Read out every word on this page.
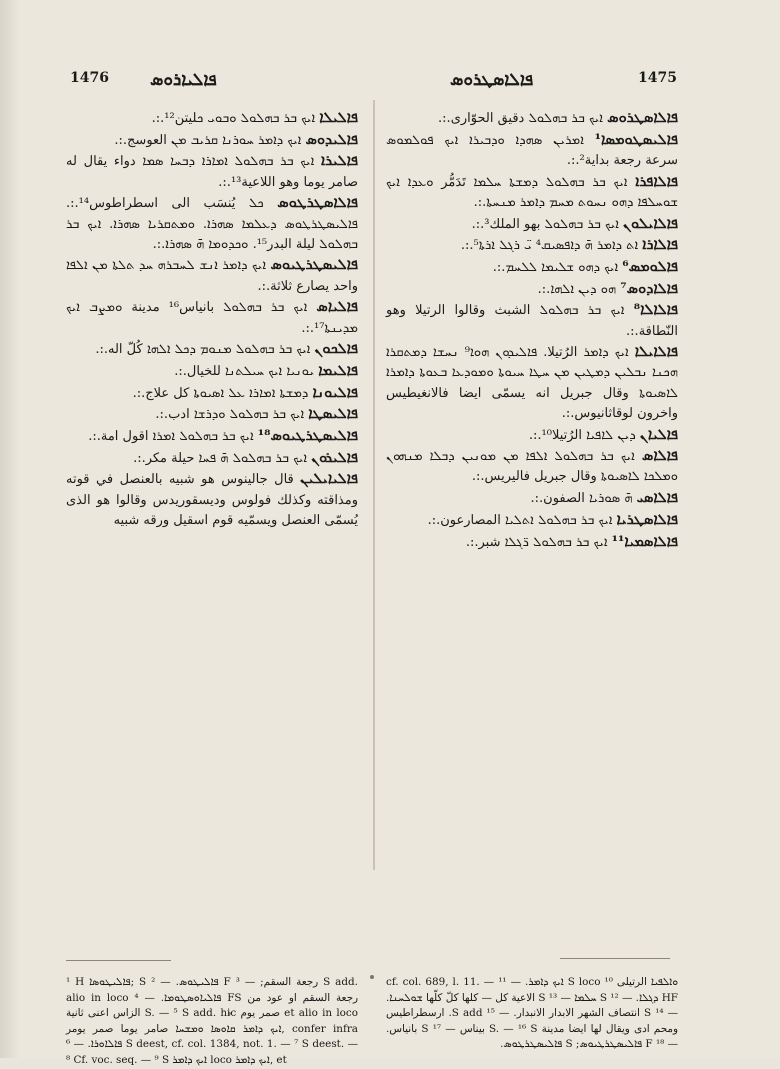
1476 ܦܐܠܝܐܪܘܣ	ܦܐܠܐܣܛܪܘܣ	1475

ܦܐܠܝܠܐ ܐܝܟ ܒܪ ܒܗܠܘܠ ܘܒܘܝ ܟليتن¹².:.

ܦܐܠܝܕܘܣ ܐܝܟ ܕܐܡܪ ܚܘܪܢܐ ܩܪܝܒ ܡܢ العوسج.:.

ܦܐܠܝܪܐ ܐܝܟ ܒܪ ܒܗܠܘܠ ܐܡܐܪܐ ܕܒܚܐ ܣܡܐ دواء يقال له صامر يوما وهو اللاعية¹³.:.

ܦܐܠܐܣܛܪܛܘܣ ܟܠ يُنسَب الى اسطراطوس¹⁴.:. ܦܐܠܝܣܛܪܛܘܣ ܕܥܠܡܐ ܣܗܪܐ. ܘܡܬܩܪܝܐ ܣܗܪܐ. ܐܝܟ ܒܪ ܒܗܠܘܠ ليلة البدر¹⁵. ܘܟܕܘܡܐ ܗ̄ ܣܗܪܐ.:.

ܦܐܠܝܣܛܪܛܝܘܣ ܐܝܟ ܕܐܡܪ ܐܢܫ ܠܚܒܪܗ ܚܕ ܬܠܬܐ ܡܢ ܐܠܦܐ واحد يصارع ثلاثة.:.

ܦܐܠܝܐܣ ܐܝܟ ܒܪ ܒܗܠܘܠ بانياس¹⁶ مدينة ܘܡܨܒ ܐܝܟ ܡܕܝܢܬܐ¹⁷.:.

ܦܐܠܟܘܢ ܐܝܟ ܒܪ ܒܗܠܘܠ ܡܢܘܡ ܕܟܠ ܐܠܗܐ كُلّ اله.:.

ܦܐܠܝܡܐ ܝܘܢܝܐ ܐܝܟ ܚܝܠܬܢܐ للخيال.:.

ܦܐܠܝܘܢܐ ܕܡܫܬܐ ܐܡܐܪܐ ܥܠ ܐܣܝܘܬܐ كل علاج.:.

ܦܐܠܝܣܛܐ ܐܝܟ ܒܪ ܒܗܠܘܠ ܘܕܪܫܐ ادب.:.

ܦܐܠܝܣܛܪܛܝܘܣ¹⁸ ܐܝܟ ܒܪ ܒܗܠܘܠ ܐܡܪܐ اقول امة.:.

ܦܐܠܝܪܘܢ ܐܝܟ ܒܪ ܒܗܠܘܠ ܗ̄ ܦܚܐ حيلة مكر.:.

ܦܐܠܝܐܝܠܝܢ قال جالينوس هو شبيه بالعنصل في قوته ومذاقته وكذلك فولوس وديسقوريدس وقالوا هو الذى يُسمّى العنصل ويسمّيه قوم اسقيل ورقه شبيه

ܦܐܠܐܣܛܪܘܣ ܐܝܟ ܒܪ ܒܗܠܘܠ دقيق الحوّارى.:.

ܦܐܠܝܣܛܘܡܣܐ¹ ܐܡܪܝܢ ܣܗܕܐ ܘܕܒܝܪܐ ܐܝܟ ܦܘܠܡܘܣ سرعة رجعة بداية².:.

ܦܐܠܐܦܪܐ ܐܝܟ ܒܪ ܒܗܠܘܠ ܕܡܫܬܐ ܚܠܡܐ تَدَمُّر ܘܥܕܐ ܐܝܟ ܫܘܚܠܦܐ ܕܗܘ ܢܚܘܬ ܡܚܡ ܕܐܡܪ ܡܢܚܬܐ.:.

ܦܐܠܐܝܠܘܢ ܐܝܟ ܒܪ ܒܗܠܘܠ بهو الملك³.:.

ܦܐܠܐܪܐ ܐܬ ܕܐܡܪ ܗ̄ ܕܐܦܣܝܩ⁴ ܝ̈ ܪܓܠ ܐܪܬܐ⁵.:.

ܦܐܠܘܡܣ⁶ ܐܝܟ ܕܗܘ ܫܠܝܡܐ ܠܠܚܡ.:.

ܦܐܠܐܕܘܣ⁷ ܗܘ ܕܝܢ ܐܠܗܐ.:.

ܦܐܠܐܠܐ⁸ ܐܝܟ ܒܪ ܒܗܠܘܠ الشبث وقالوا الرتيلا وهو النّطاقة.:.

ܦܐܠܐܝܠܐ ܐܝܟ ܕܐܡܪ الرُتيلا. ܦܐܠܝܕܘܢ ܗܘܐ⁹ ܢܚܫܐ ܕܡܬܩܪܐ ܗܟܢܐ ܢܒܠܝܢ ܕܡܛܝܢ ܡܢ ܚܛܐ ܚܝܘܬܐ ܘܡܘܕܥܐ ܒܥܘܬܐ ܕܐܡܪܐ ܠܐܣܝܘܬܐ وقال جبريل انه يسمّى ايضا فالانغيطيس واخرون لوقاثانيوس.:.

ܦܐܠܝܐܢ ܕܝܢ ܠܐܦܝܐ الرُتيلا¹⁰.:.

ܦܐܠܐܣ ܐܝܟ ܒܪ ܒܗܠܘܠ ܐܠܦܐ ܡܢ ܡܘܢܝܢ ܕܒܠܐ ܡܢܗܘܢ ܘܡܠܟܐ ܠܐܣܝܘܬܐ وقال جبريل فاليريس.:.

ܦܐܠܐܣܝ ܗ̄ ܣܘܪܝܐ الصفون.:.

ܦܐܠܐܣܛܪܝܐ ܐܝܟ ܒܪ ܒܗܠܘܠ ܐܬܠܝܐ المصارعون.:.

ܦܐܠܐܣܡܝܐ¹¹ ܐܝܟ ܒܪ ܒܗܠܘܠ ܪ̈ܓܠܐ شبر.:.

¹ H ܦܐܠܝܛܘܣܐ; S ܦܐܠܝܛܘܣ. — ² F رجعة السقم; — ³ S add. alio in loco ܦܐܠܝܐܘܣܛܘܡܐ. — ⁴ FS رجعة السقم او عود من الزاس اعنى ثانية S. — ⁵ S add. hic صمر يوم et alio in loco ܐܝܟ ܕܐܡܪ ܩܐܘܣܐ ܘܡܫܚܐ صامر يوما صمر يومر, confer infra ܦܐܠܐܘܪܐ. — ⁶ S deest, cf. col. 1384, not. 1. — ⁷ S deest. — ⁸ Cf. voc. seq. — ⁹ S ܐܝܟ ܕܐܡܪ loco ܐܝܟ ܕܐܡܪ, et
ܘܐܠܦܝܐ الرتيلى ¹⁰ S loco ܐܝܟ ܕܐܡܪ. — cf. col. 689, l. 11. — ¹¹ HF ܕܓܠܐ. — ¹² S ܚܠܡܐ — ¹³ S الاعية كل — كلها كلّ كلّها ܫܘܠܚܢܐ. — ¹⁴ S انتصاف الشهر الابدار الانبدار. — ¹⁵ S add. ارسطراطيس ومحم ادى ويقال لها ايضا مدينة S. — ¹⁶ S بيناس — ¹⁷ S بانياس. — ¹⁸ F ܦܐܠܝܣܛܪܛܝܘܣ; S ܦܐܠܝܣܛܪܛܘܣ.
